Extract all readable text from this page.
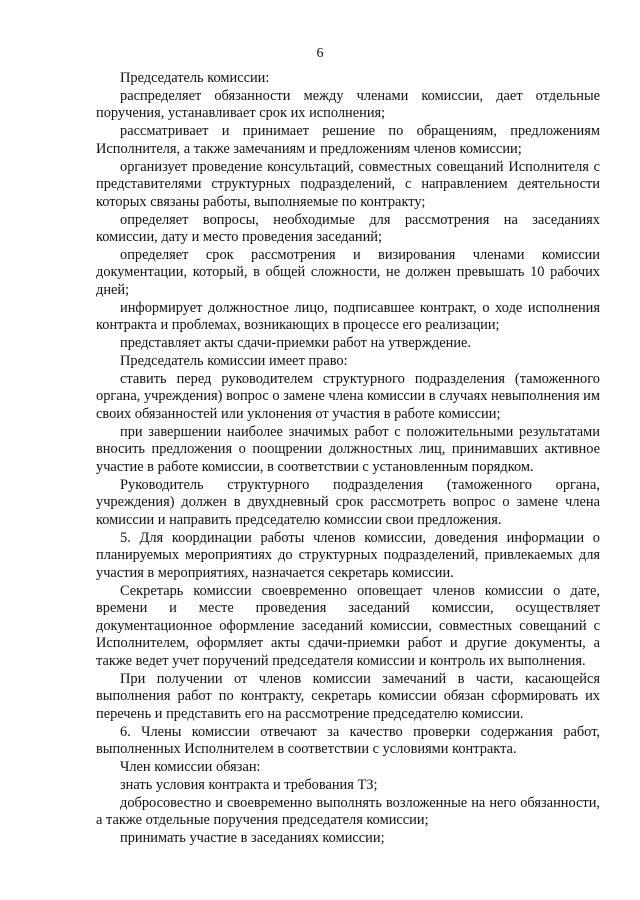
6

Председатель комиссии:

распределяет обязанности между членами комиссии, дает отдельные поручения, устанавливает срок их исполнения;

рассматривает и принимает решение по обращениям, предложениям Исполнителя, а также замечаниям и предложениям членов комиссии;

организует проведение консультаций, совместных совещаний Исполнителя с представителями структурных подразделений, с направлением деятельности которых связаны работы, выполняемые по контракту;

определяет вопросы, необходимые для рассмотрения на заседаниях комиссии, дату и место проведения заседаний;

определяет срок рассмотрения и визирования членами комиссии документации, который, в общей сложности, не должен превышать 10 рабочих дней;

информирует должностное лицо, подписавшее контракт, о ходе исполнения контракта и проблемах, возникающих в процессе его реализации;

представляет акты сдачи-приемки работ на утверждение.

Председатель комиссии имеет право:

ставить перед руководителем структурного подразделения (таможенного органа, учреждения) вопрос о замене члена комиссии в случаях невыполнения им своих обязанностей или уклонения от участия в работе комиссии;

при завершении наиболее значимых работ с положительными результатами вносить предложения о поощрении должностных лиц, принимавших активное участие в работе комиссии, в соответствии с установленным порядком.

Руководитель структурного подразделения (таможенного органа, учреждения) должен в двухдневный срок рассмотреть вопрос о замене члена комиссии и направить председателю комиссии свои предложения.

5. Для координации работы членов комиссии, доведения информации о планируемых мероприятиях до структурных подразделений, привлекаемых для участия в мероприятиях, назначается секретарь комиссии.

Секретарь комиссии своевременно оповещает членов комиссии о дате, времени и месте проведения заседаний комиссии, осуществляет документационное оформление заседаний комиссии, совместных совещаний с Исполнителем, оформляет акты сдачи-приемки работ и другие документы, а также ведет учет поручений председателя комиссии и контроль их выполнения.

При получении от членов комиссии замечаний в части, касающейся выполнения работ по контракту, секретарь комиссии обязан сформировать их перечень и представить его на рассмотрение председателю комиссии.

6. Члены комиссии отвечают за качество проверки содержания работ, выполненных Исполнителем в соответствии с условиями контракта.

Член комиссии обязан:

знать условия контракта и требования ТЗ;

добросовестно и своевременно выполнять возложенные на него обязанности, а также отдельные поручения председателя комиссии;

принимать участие в заседаниях комиссии;
